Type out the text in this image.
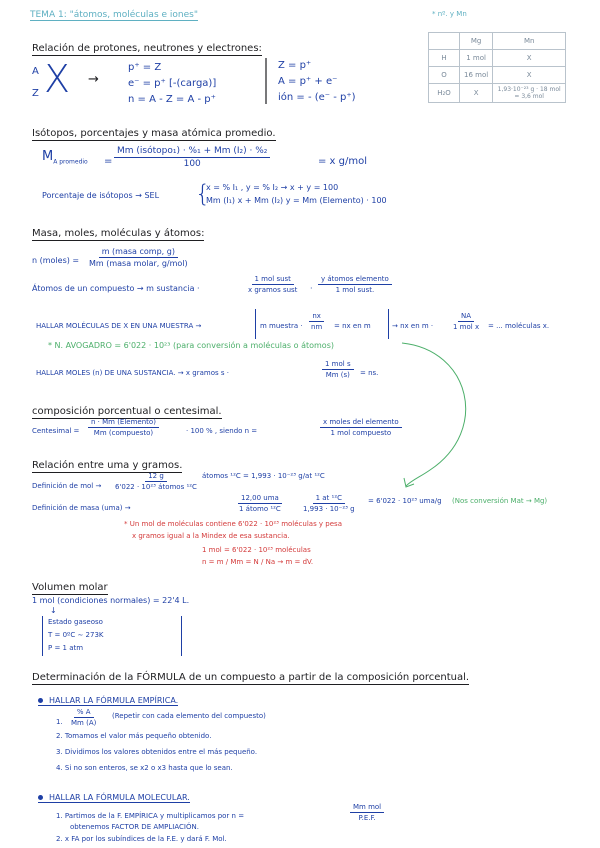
TEMA 1: "átomos, moléculas e iones"	* nº. y Mn
	Mg	Mn
H	1 mol	X
O	16 mol	X
H₂O	X	1,93·10⁻²³ g · 18 mol = 3,6 mol
Relación de protones, neutrones y electrones:
A
Z X →
p⁺ = Z
e⁻ = p⁺ [-(carga)]
n = A - Z = A - p⁺
Z = p⁺
A = p⁺ + e⁻
ión = - (e⁻ - p⁺)
Isótopos, porcentajes y masa atómica promedio.
$M_{A promedio}$ =
Mm (isótopo₁) · %₁ + Mm (I₂) · %₂
100	= x g/mol
Porcentaje de isótopos → SEL {
x = % I₁ , y = % I₂ → x + y = 100
Mm (I₁) x + Mm (I₂) y = Mm (Elemento) · 100
Masa, moles, moléculas y átomos:
n (moles) =
m (masa comp, g)
Mm (masa molar, g/mol)
Átomos de un compuesto → m sustancia ·
1 mol sust
x gramos sust	·
y átomos elemento
1 mol sust.
HALLAR MOLÉCULAS DE X EN UNA MUESTRA →	m muestra · $\frac{nx}{nm}$ = nx en m	→ nx en m ·
NA
1 mol x	= ... moléculas x.
* N. AVOGADRO = 6'022 · 10²³ (para conversión a moléculas o átomos)
HALLAR MOLES (n) DE UNA SUSTANCIA. → x gramos s ·
1 mol s
Mm (s)	= ns.
composición porcentual o centesimal.
Centesimal =
n · Mm (Elemento)
Mm (compuesto)	· 100 % , siendo n =
x moles del elemento
1 mol compuesto
Relación entre uma y gramos.
Definición de mol →
12 g
6'022 · 10²³ átomos ¹²C
átomos ¹²C = 1,993 · 10⁻²³ g/at ¹²C
Definición de masa (uma) →
12,00 uma
1 átomo ¹²C	$\frac{\text{1 at ¹²C}}{\text{1,993 · 10⁻²³ g}} = 6'022 \cdot 10^{23}$ uma/g (Nos conversión Mat → Mg)
* Un mol de moléculas contiene 6'022 · 10²³ moléculas y pesa
x gramos igual a la Mindex de esa sustancia.
1 mol = 6'022 · 10²³ moléculas
n = m / Mm = N / Na → m = dV.
Volumen molar
1 mol (condiciones normales) = 22'4 L.
↓
Estado gaseoso
T = 0ºC ∼ 273K
P = 1 atm
Determinación de la FÓRMULA de un compuesto a partir de la composición porcentual.
HALLAR LA FÓRMULA EMPÍRICA.
1. $\frac{\% A}{Mm (A)}$ (Repetir con cada elemento del compuesto)
2. Tomamos el valor más pequeño obtenido.
3. Dividimos los valores obtenidos entre el más pequeño.
4. Si no son enteros, se x2 o x3 hasta que lo sean.
HALLAR LA FÓRMULA MOLECULAR.
1. Partimos de la F. EMPÍRICA y multiplicamos por n =
Mm mol
P.E.F.
obtenemos FACTOR DE AMPLIACIÓN.
2. x FA por los subíndices de la F.E. y dará F. Mol.
